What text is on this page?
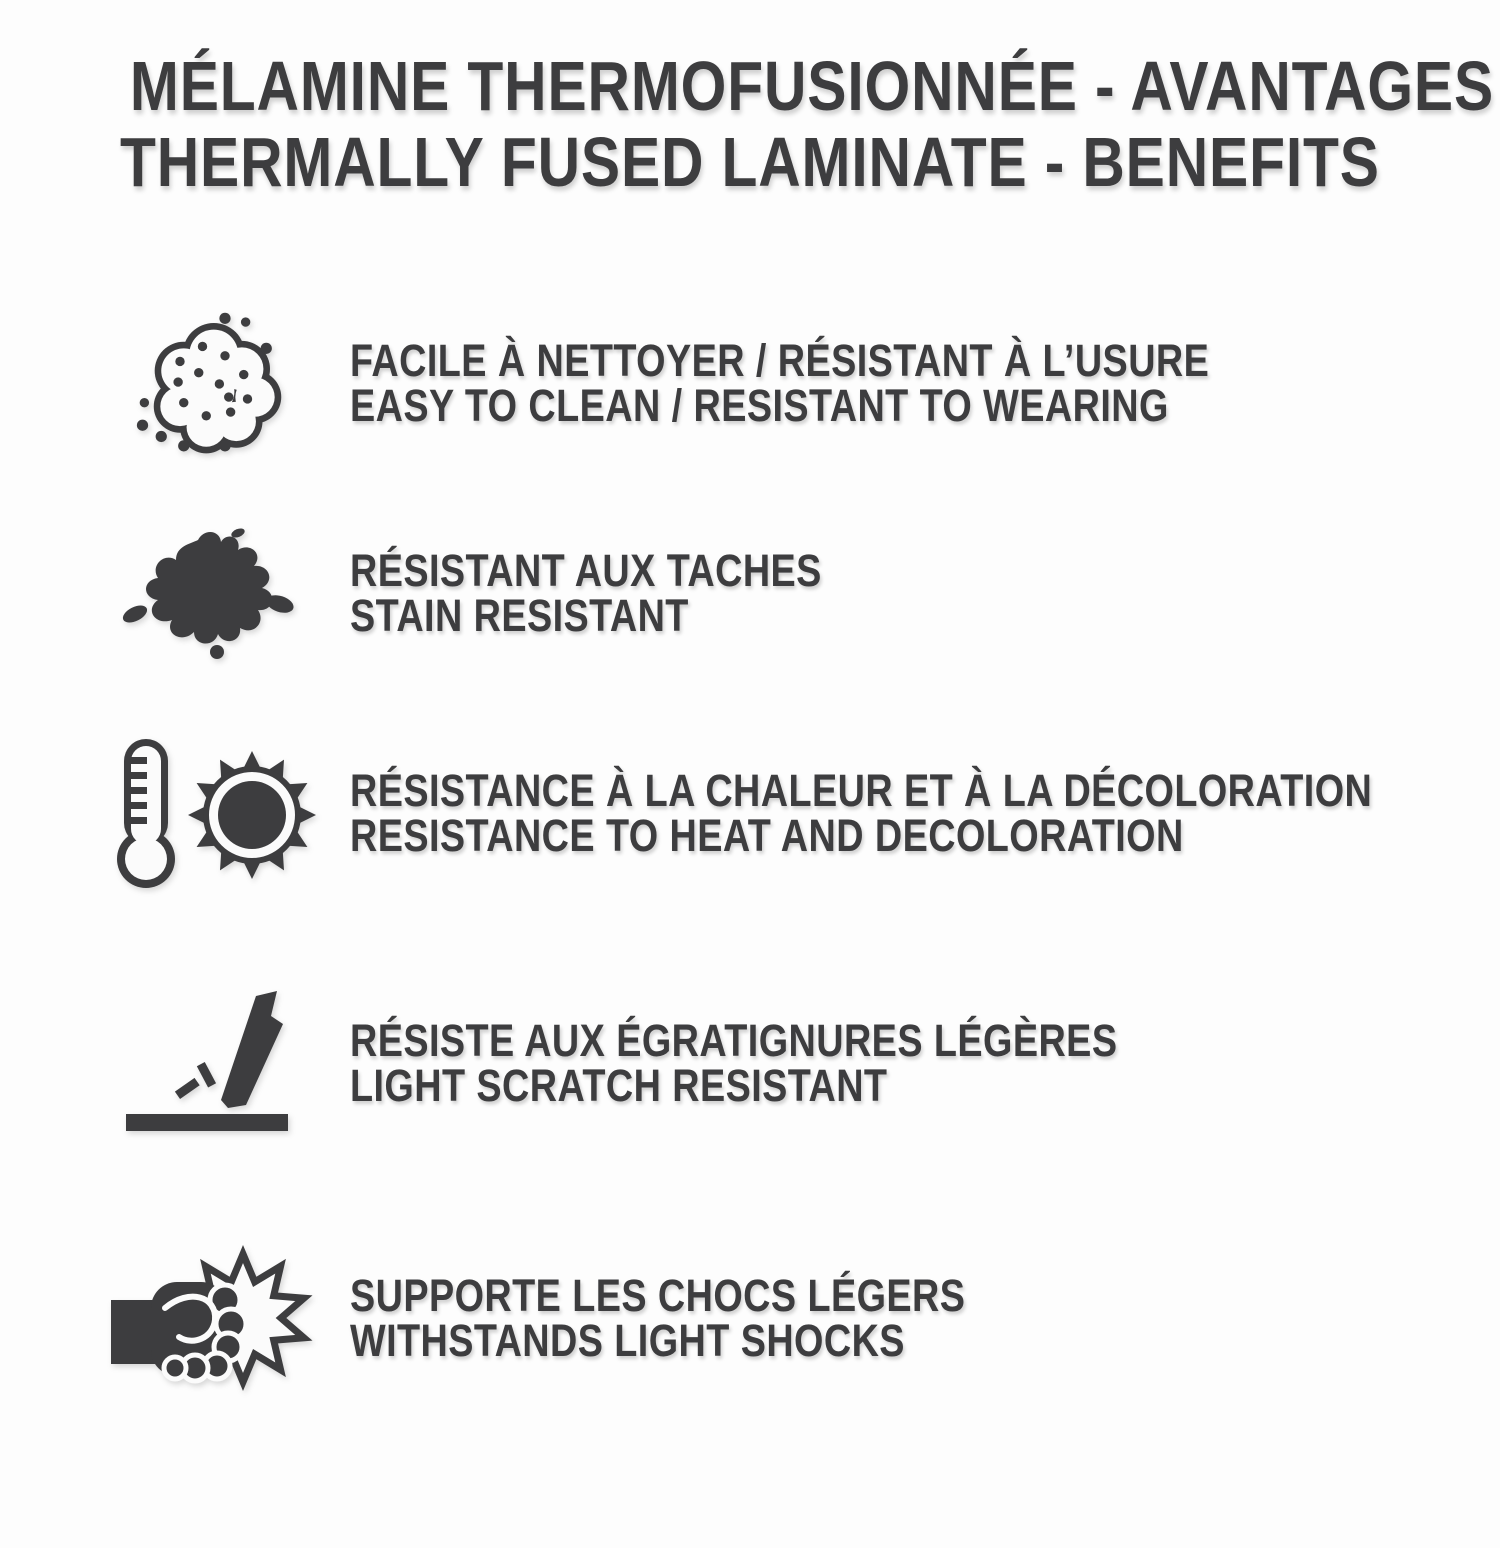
MÉLAMINE THERMOFUSIONNÉE - AVANTAGES
THERMALLY FUSED LAMINATE - BENEFITS
FACILE À NETTOYER / RÉSISTANT À L’USURE
EASY TO CLEAN / RESISTANT TO WEARING
RÉSISTANT AUX TACHES
STAIN RESISTANT
RÉSISTANCE À LA CHALEUR ET À LA DÉCOLORATION
RESISTANCE TO HEAT AND DECOLORATION
RÉSISTE AUX ÉGRATIGNURES LÉGÈRES
LIGHT SCRATCH RESISTANT
SUPPORTE LES CHOCS LÉGERS
WITHSTANDS LIGHT SHOCKS
